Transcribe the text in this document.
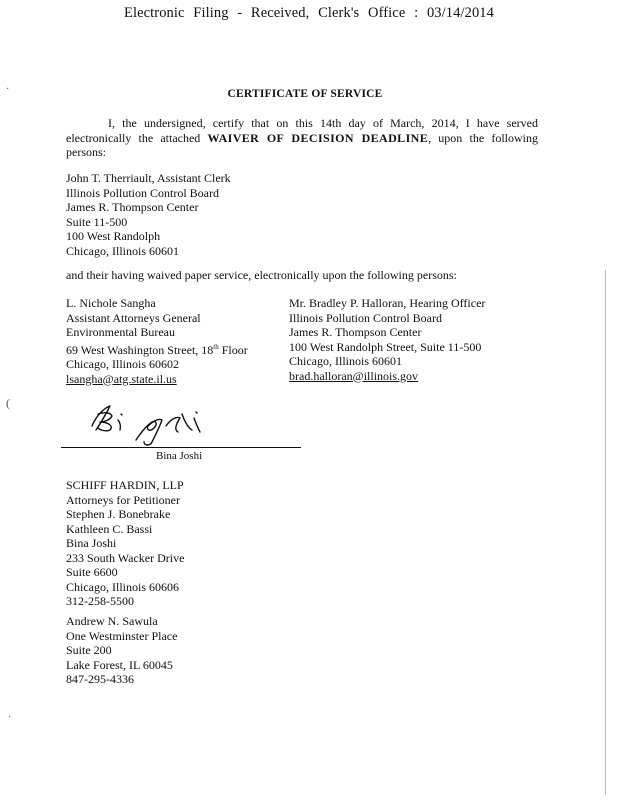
Electronic Filing - Received, Clerk's Office : 03/14/2014
·
(
·
CERTIFICATE OF SERVICE
I, the undersigned, certify that on this 14th day of March, 2014, I have served electronically the attached WAIVER OF DECISION DEADLINE, upon the following persons:
John T. Therriault, Assistant Clerk
Illinois Pollution Control Board
James R. Thompson Center
Suite 11-500
100 West Randolph
Chicago, Illinois 60601
and their having waived paper service, electronically upon the following persons:
L. Nichole Sangha
Assistant Attorneys General
Environmental Bureau
69 West Washington Street, 18th Floor
Chicago, Illinois 60602
lsangha@atg.state.il.us
Mr. Bradley P. Halloran, Hearing Officer
Illinois Pollution Control Board
James R. Thompson Center
100 West Randolph Street, Suite 11-500
Chicago, Illinois 60601
brad.halloran@illinois.gov
Bina Joshi
SCHIFF HARDIN, LLP
Attorneys for Petitioner
Stephen J. Bonebrake
Kathleen C. Bassi
Bina Joshi
233 South Wacker Drive
Suite 6600
Chicago, Illinois 60606
312-258-5500
Andrew N. Sawula
One Westminster Place
Suite 200
Lake Forest, IL 60045
847-295-4336
